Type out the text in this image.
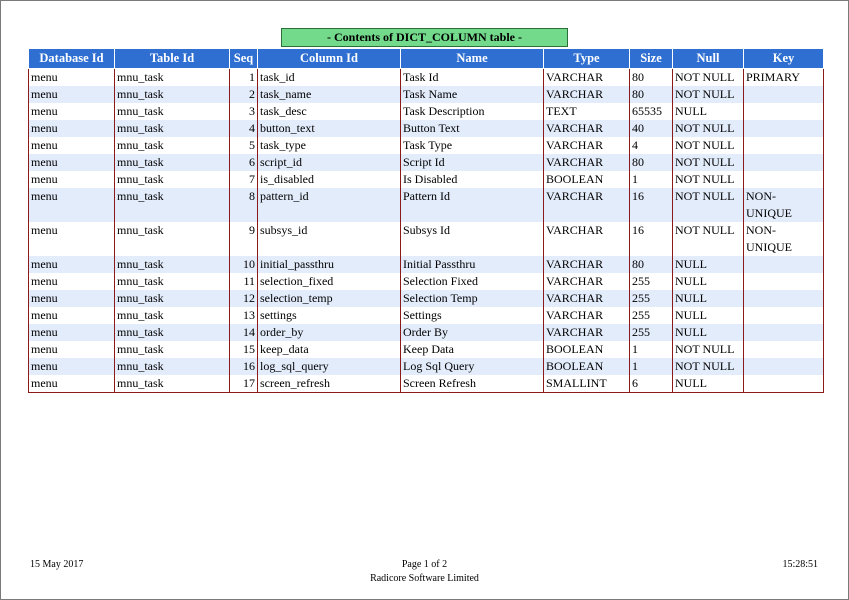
- Contents of DICT_COLUMN table -
Database Id	Table Id	Seq	Column Id	Name	Type	Size	Null	Key
menu	mnu_task	1	task_id	Task Id	VARCHAR	80	NOT NULL	PRIMARY
menu	mnu_task	2	task_name	Task Name	VARCHAR	80	NOT NULL	
menu	mnu_task	3	task_desc	Task Description	TEXT	65535	NULL	
menu	mnu_task	4	button_text	Button Text	VARCHAR	40	NOT NULL	
menu	mnu_task	5	task_type	Task Type	VARCHAR	4	NOT NULL	
menu	mnu_task	6	script_id	Script Id	VARCHAR	80	NOT NULL	
menu	mnu_task	7	is_disabled	Is Disabled	BOOLEAN	1	NOT NULL	
menu	mnu_task	8	pattern_id	Pattern Id	VARCHAR	16	NOT NULL	NON-UNIQUE
menu	mnu_task	9	subsys_id	Subsys Id	VARCHAR	16	NOT NULL	NON-UNIQUE
menu	mnu_task	10	initial_passthru	Initial Passthru	VARCHAR	80	NULL	
menu	mnu_task	11	selection_fixed	Selection Fixed	VARCHAR	255	NULL	
menu	mnu_task	12	selection_temp	Selection Temp	VARCHAR	255	NULL	
menu	mnu_task	13	settings	Settings	VARCHAR	255	NULL	
menu	mnu_task	14	order_by	Order By	VARCHAR	255	NULL	
menu	mnu_task	15	keep_data	Keep Data	BOOLEAN	1	NOT NULL	
menu	mnu_task	16	log_sql_query	Log Sql Query	BOOLEAN	1	NOT NULL	
menu	mnu_task	17	screen_refresh	Screen Refresh	SMALLINT	6	NULL	
15 May 2017	Page 1 of 2
Radicore Software Limited
15:28:51
